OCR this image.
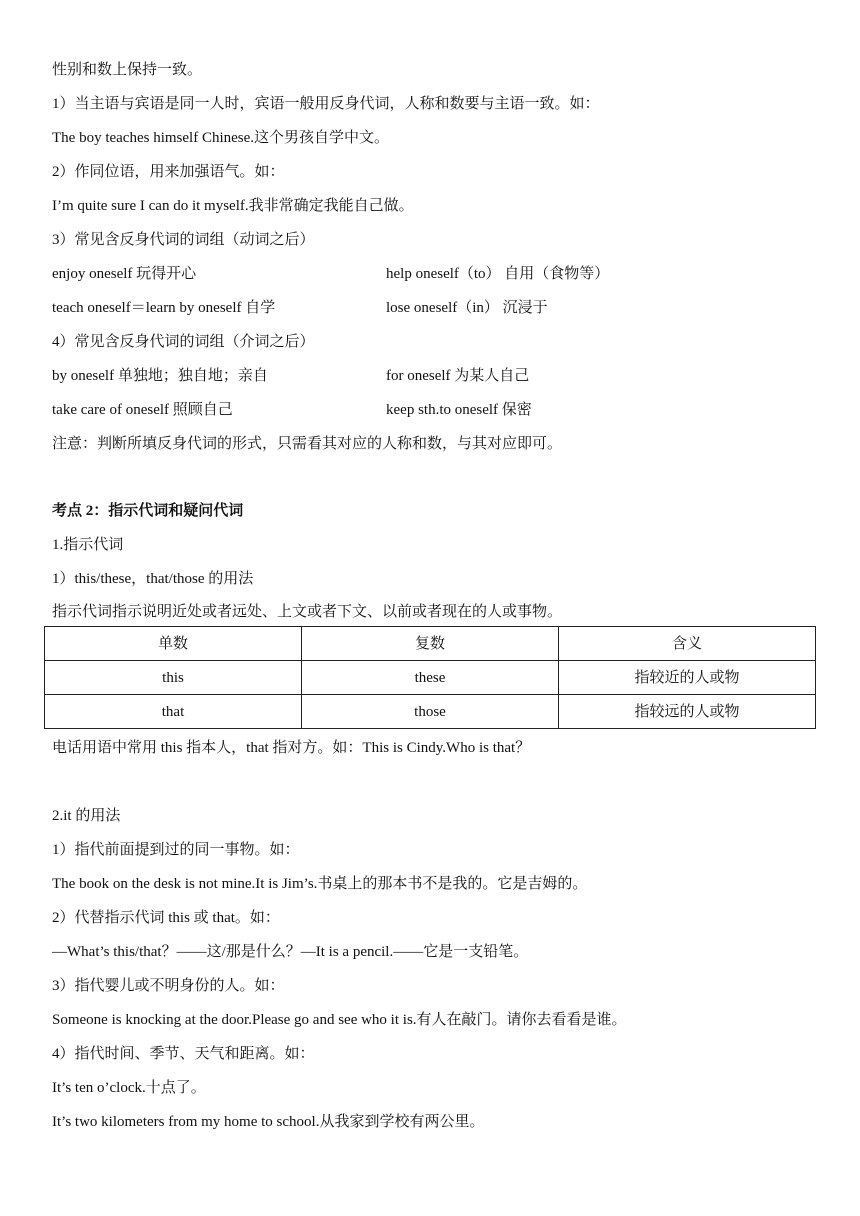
性别和数上保持一致。
1）当主语与宾语是同一人时，宾语一般用反身代词，人称和数要与主语一致。如：
The boy teaches himself Chinese.这个男孩自学中文。
2）作同位语，用来加强语气。如：
I’m quite sure I can do it myself.我非常确定我能自己做。
3）常见含反身代词的词组（动词之后）
enjoy oneself 玩得开心	help oneself（to） 自用（食物等）
teach oneself＝learn by oneself 自学	lose oneself（in） 沉浸于
4）常见含反身代词的词组（介词之后）
by oneself 单独地；独自地；亲自	for oneself 为某人自己
take care of oneself 照顾自己	keep sth.to oneself 保密
注意：判断所填反身代词的形式，只需看其对应的人称和数，与其对应即可。
考点 2：指示代词和疑问代词
1.指示代词
1）this/these，that/those 的用法
指示代词指示说明近处或者远处、上文或者下文、以前或者现在的人或事物。
单数	复数	含义
this	these	指较近的人或物
that	those	指较远的人或物
电话用语中常用 this 指本人，that 指对方。如：This is Cindy.Who is that？
2.it 的用法
1）指代前面提到过的同一事物。如：
The book on the desk is not mine.It is Jim’s.书桌上的那本书不是我的。它是吉姆的。
2）代替指示代词 this 或 that。如：
—What’s this/that？——这/那是什么？—It is a pencil.——它是一支铅笔。
3）指代婴儿或不明身份的人。如：
Someone is knocking at the door.Please go and see who it is.有人在敲门。请你去看看是谁。
4）指代时间、季节、天气和距离。如：
It’s ten o’clock.十点了。
It’s two kilometers from my home to school.从我家到学校有两公里。
